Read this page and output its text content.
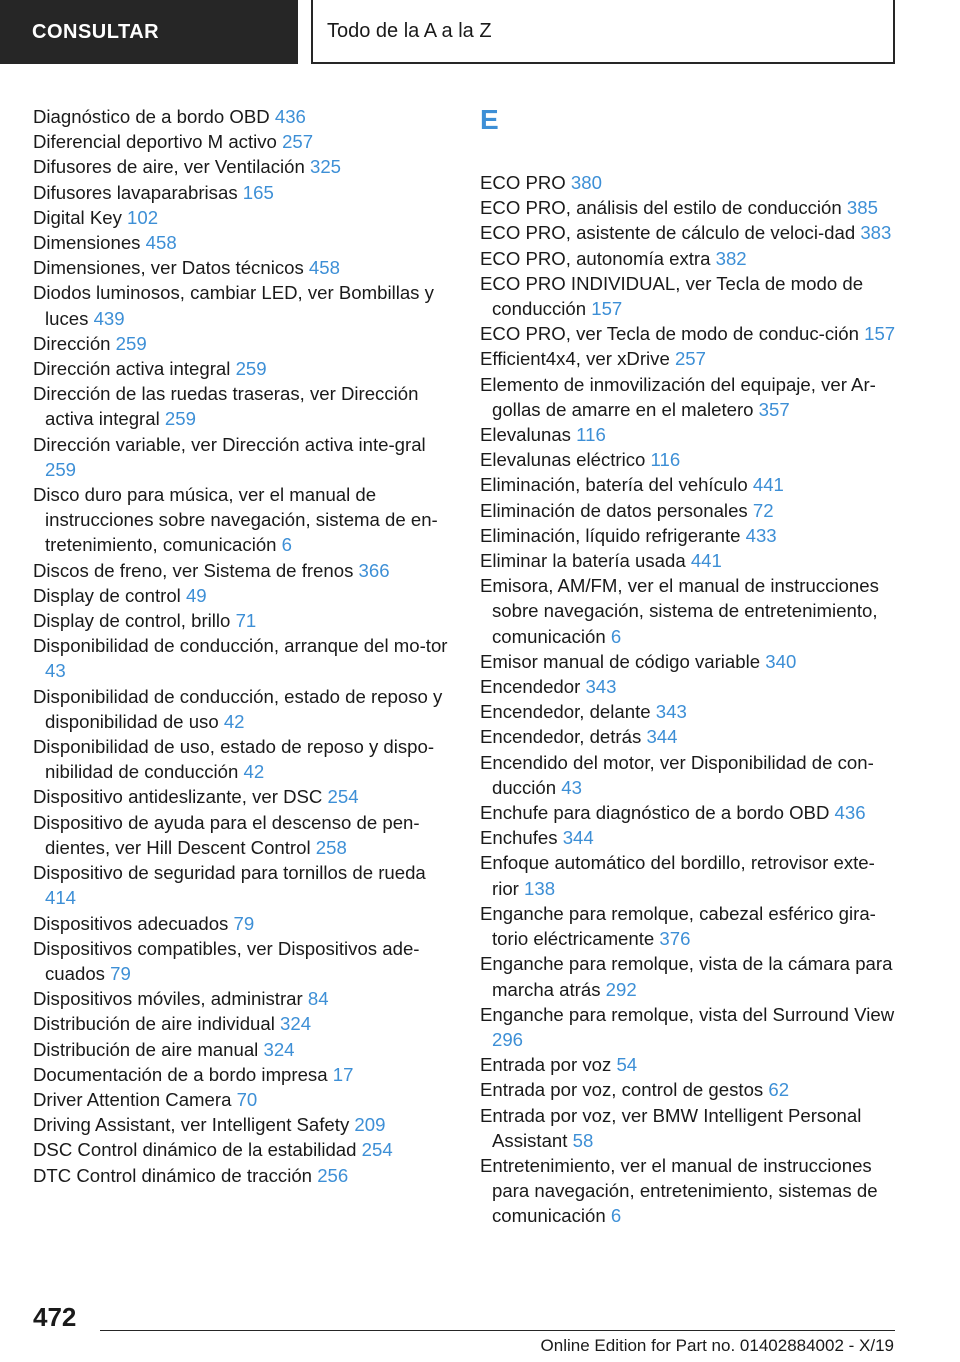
CONSULTAR	Todo de la A a la Z
Diagnóstico de a bordo OBD 436
Diferencial deportivo M activo 257
Difusores de aire, ver Ventilación 325
Difusores lavaparabrisas 165
Digital Key 102
Dimensiones 458
Dimensiones, ver Datos técnicos 458
Diodos luminosos, cambiar LED, ver Bombillas y luces 439
Dirección 259
Dirección activa integral 259
Dirección de las ruedas traseras, ver Dirección activa integral 259
Dirección variable, ver Dirección activa inte-gral 259
Disco duro para música, ver el manual de instrucciones sobre navegación, sistema de en-tretenimiento, comunicación 6
Discos de freno, ver Sistema de frenos 366
Display de control 49
Display de control, brillo 71
Disponibilidad de conducción, arranque del mo-tor 43
Disponibilidad de conducción, estado de reposo y disponibilidad de uso 42
Disponibilidad de uso, estado de reposo y dispo-nibilidad de conducción 42
Dispositivo antideslizante, ver DSC 254
Dispositivo de ayuda para el descenso de pen-dientes, ver Hill Descent Control 258
Dispositivo de seguridad para tornillos de rueda 414
Dispositivos adecuados 79
Dispositivos compatibles, ver Dispositivos ade-cuados 79
Dispositivos móviles, administrar 84
Distribución de aire individual 324
Distribución de aire manual 324
Documentación de a bordo impresa 17
Driver Attention Camera 70
Driving Assistant, ver Intelligent Safety 209
DSC Control dinámico de la estabilidad 254
DTC Control dinámico de tracción 256
E
ECO PRO 380
ECO PRO, análisis del estilo de conducción 385
ECO PRO, asistente de cálculo de veloci-dad 383
ECO PRO, autonomía extra 382
ECO PRO INDIVIDUAL, ver Tecla de modo de conducción 157
ECO PRO, ver Tecla de modo de conduc-ción 157
Efficient4x4, ver xDrive 257
Elemento de inmovilización del equipaje, ver Ar-gollas de amarre en el maletero 357
Elevalunas 116
Elevalunas eléctrico 116
Eliminación, batería del vehículo 441
Eliminación de datos personales 72
Eliminación, líquido refrigerante 433
Eliminar la batería usada 441
Emisora, AM/FM, ver el manual de instrucciones sobre navegación, sistema de entretenimiento, comunicación 6
Emisor manual de código variable 340
Encendedor 343
Encendedor, delante 343
Encendedor, detrás 344
Encendido del motor, ver Disponibilidad de con-ducción 43
Enchufe para diagnóstico de a bordo OBD 436
Enchufes 344
Enfoque automático del bordillo, retrovisor exte-rior 138
Enganche para remolque, cabezal esférico gira-torio eléctricamente 376
Enganche para remolque, vista de la cámara para marcha atrás 292
Enganche para remolque, vista del Surround View 296
Entrada por voz 54
Entrada por voz, control de gestos 62
Entrada por voz, ver BMW Intelligent Personal Assistant 58
Entretenimiento, ver el manual de instrucciones para navegación, entretenimiento, sistemas de comunicación 6
472
Online Edition for Part no. 01402884002 - X/19
